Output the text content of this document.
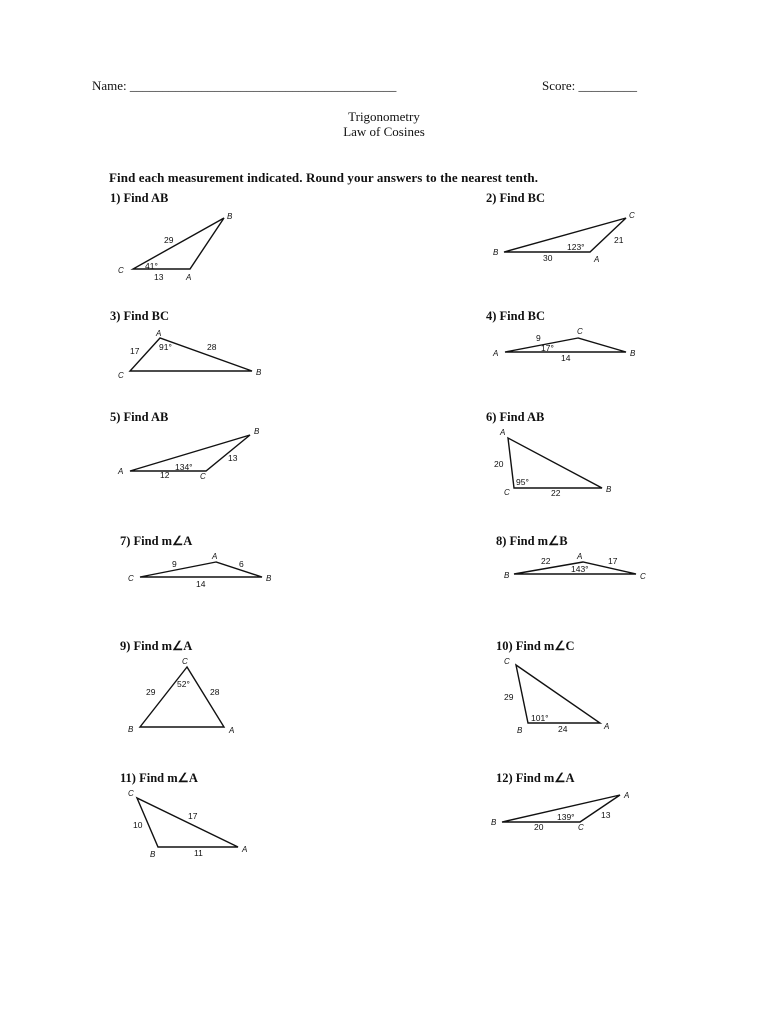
Name: _________________________________________	Score: _________
Trigonometry
Law of Cosines
Find each measurement indicated. Round your answers to the nearest tenth.
1) Find AB
B
C
A
29
41°
13
2) Find BC
C
B
A
21
123°
30
3) Find BC
A
C	B
17 91°	28
4) Find BC
C
A	B
9
17°
14
5) Find AB
B
A
C
13
134°
12
6) Find AB
A
C	B
20
95°
22
7) Find m∠A
A
C	B
9	6
14
8) Find m∠B
B	C
A
22	17
143°
9) Find m∠A
C
B	A
29
52°
28
10) Find m∠C
C
B	A
29
101°
24
11) Find m∠A
C
B
A
10
17
11
12) Find m∠A
A
B
C
13
139°
20
